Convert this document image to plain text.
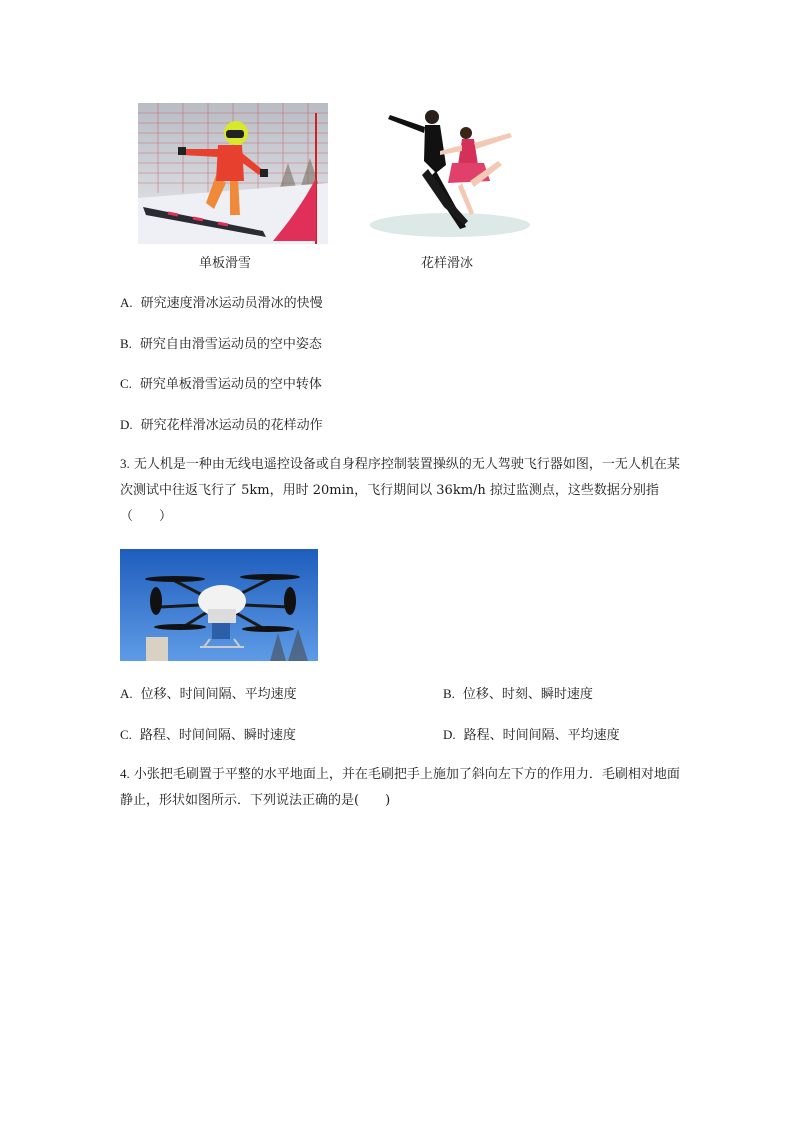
单板滑雪	花样滑冰
A. 研究速度滑冰运动员滑冰的快慢
B. 研究自由滑雪运动员的空中姿态
C. 研究单板滑雪运动员的空中转体
D. 研究花样滑冰运动员的花样动作
3. 无人机是一种由无线电遥控设备或自身程序控制装置操纵的无人驾驶飞行器如图，一无人机在某次测试中往返飞行了 5km，用时 20min，飞行期间以 36km/h 掠过监测点，这些数据分别指（　　）
A. 位移、时间间隔、平均速度	B. 位移、时刻、瞬时速度
C. 路程、时间间隔、瞬时速度	D. 路程、时间间隔、平均速度
4. 小张把毛刷置于平整的水平地面上，并在毛刷把手上施加了斜向左下方的作用力．毛刷相对地面静止，形状如图所示．下列说法正确的是(　　)
